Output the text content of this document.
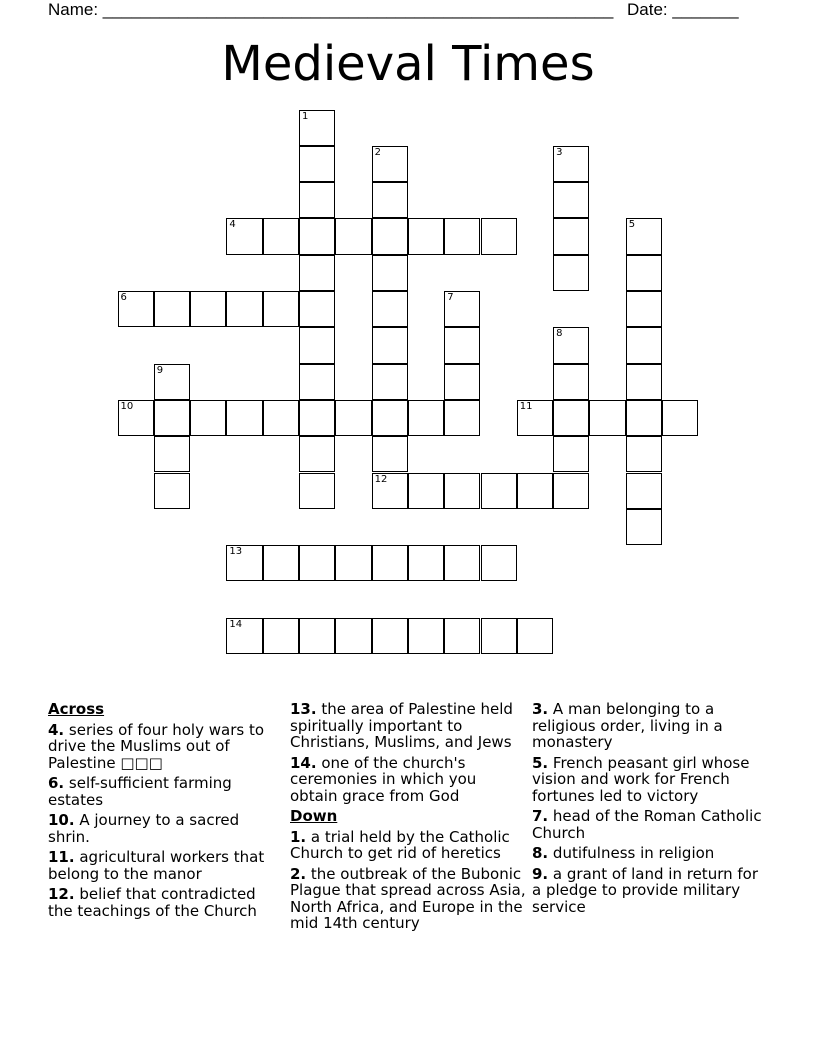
Name: ______________________________________________________ Date: _______
Medieval Times
1
2
12
3
4	5
6	7
8
9
10	11
13
14
Across
4. series of four holy wars to drive the Muslims out of Palestine □□□
6. self-sufficient farming estates
10. A journey to a sacred shrin.
11. agricultural workers that belong to the manor
12. belief that contradicted the teachings of the Church
13. the area of Palestine held spiritually important to Christians, Muslims, and Jews
14. one of the church's ceremonies in which you obtain grace from God
Down
1. a trial held by the Catholic Church to get rid of heretics
2. the outbreak of the Bubonic Plague that spread across Asia, North Africa, and Europe in the mid 14th century
3. A man belonging to a religious order, living in a monastery
5. French peasant girl whose vision and work for French fortunes led to victory
7. head of the Roman Catholic Church
8. dutifulness in religion
9. a grant of land in return for a pledge to provide military service
